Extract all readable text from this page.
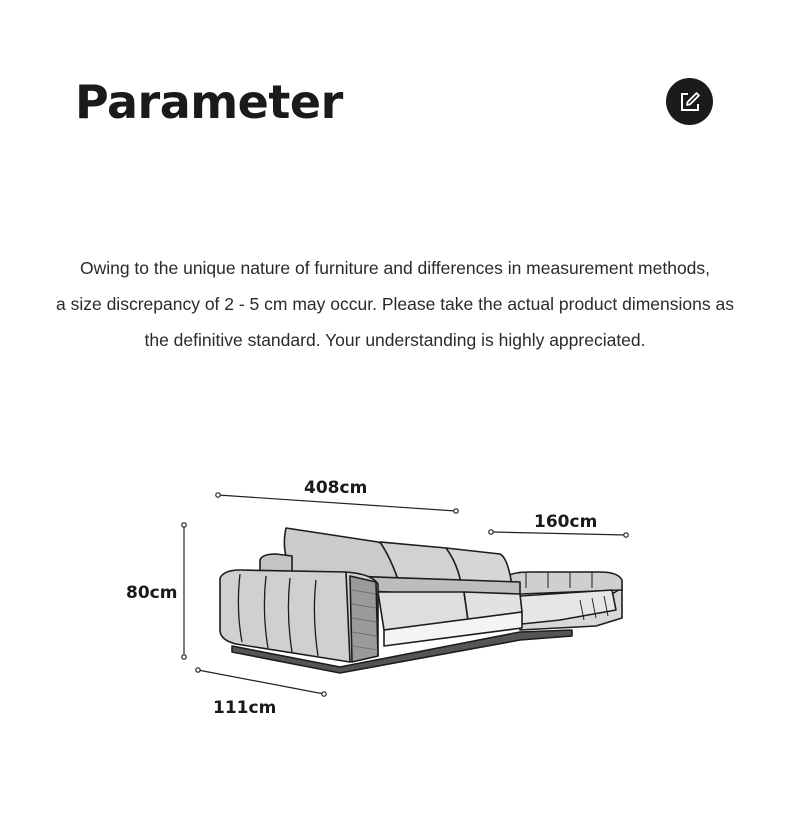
Parameter

Owing to the unique nature of furniture and differences in measurement methods,

a size discrepancy of 2 - 5 cm may occur. Please take the actual product dimensions as

the definitive standard. Your understanding is highly appreciated.

408cm
160cm
80cm
111cm
